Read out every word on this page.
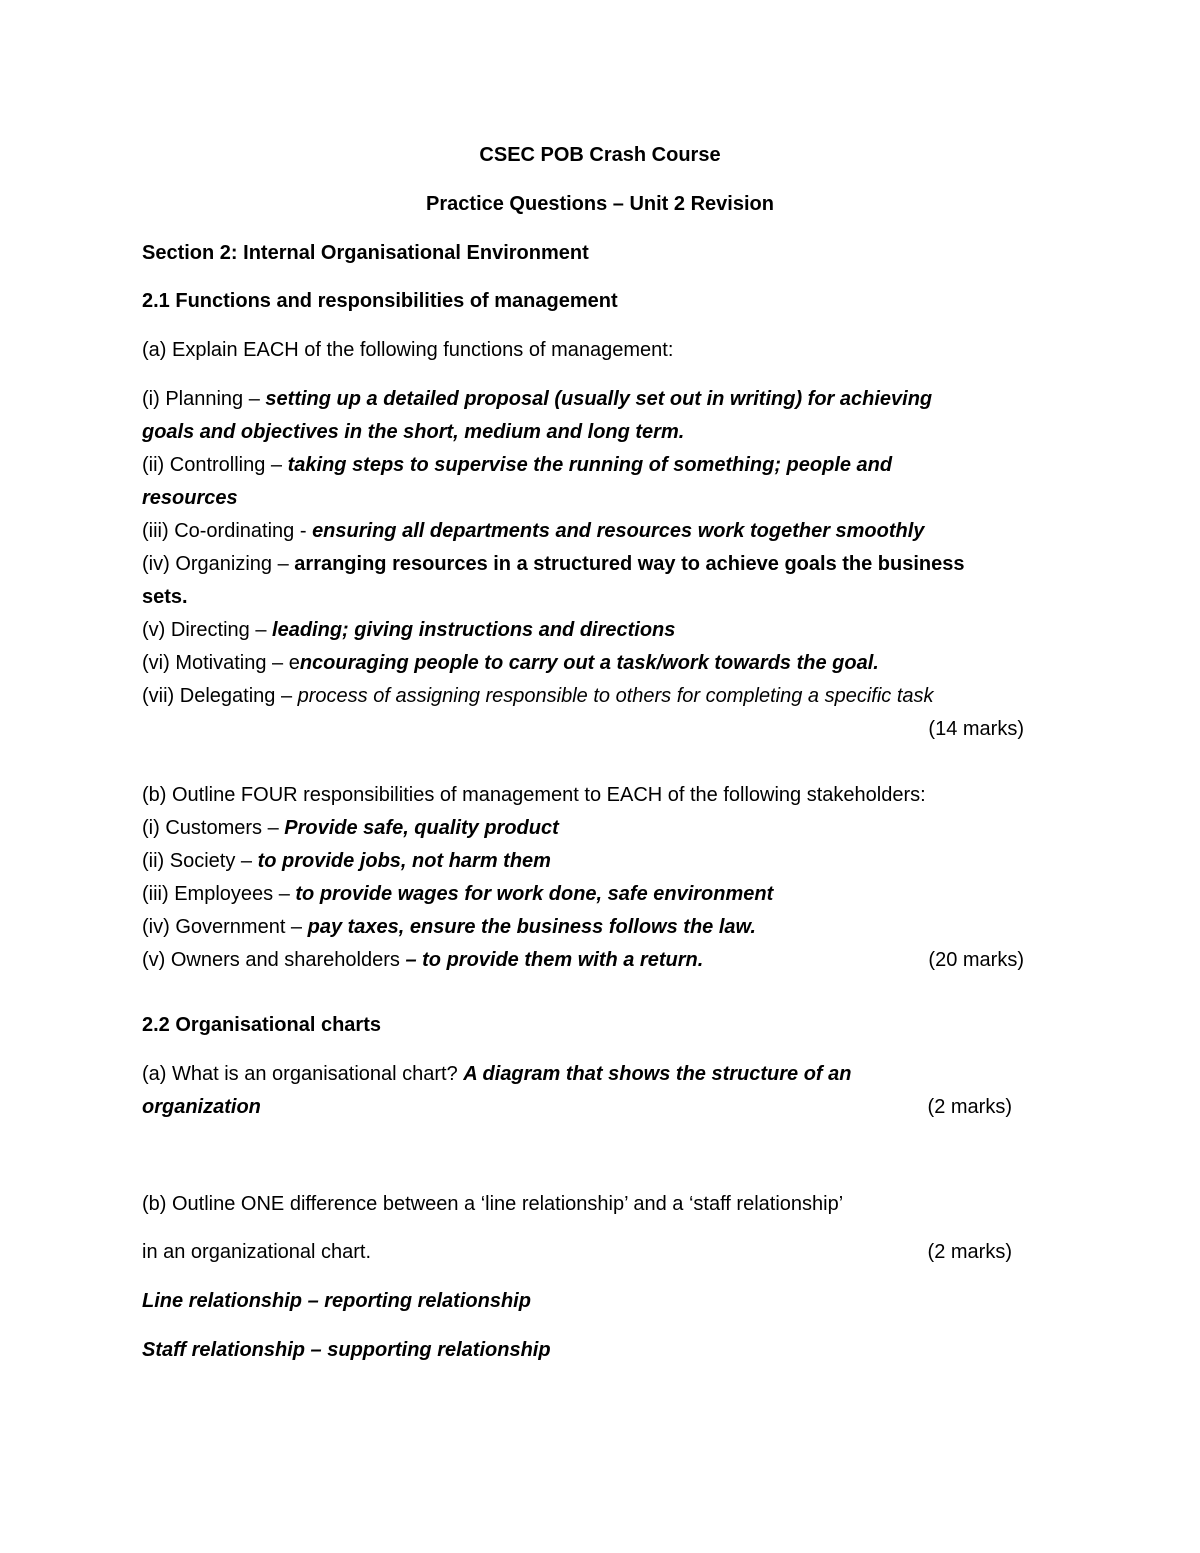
CSEC POB Crash Course
Practice Questions – Unit 2 Revision
Section 2: Internal Organisational Environment
2.1 Functions and responsibilities of management
(a) Explain EACH of the following functions of management:
(i) Planning – setting up a detailed proposal (usually set out in writing) for achieving
goals and objectives in the short, medium and long term.
(ii) Controlling – taking steps to supervise the running of something; people and
resources
(iii) Co-ordinating - ensuring all departments and resources work together smoothly
(iv) Organizing – arranging resources in a structured way to achieve goals the business
sets.
(v) Directing – leading; giving instructions and directions
(vi) Motivating – encouraging people to carry out a task/work towards the goal.
(vii) Delegating – process of assigning responsible to others for completing a specific task
(14 marks)
(b) Outline FOUR responsibilities of management to EACH of the following stakeholders:
(i) Customers – Provide safe, quality product
(ii) Society – to provide jobs, not harm them
(iii) Employees – to provide wages for work done, safe environment
(iv) Government – pay taxes, ensure the business follows the law.
(v) Owners and shareholders – to provide them with a return.	(20 marks)
2.2 Organisational charts
(a) What is an organisational chart? A diagram that shows the structure of an
organization	(2 marks)
(b) Outline ONE difference between a ‘line relationship’ and a ‘staff relationship’
in an organizational chart.	(2 marks)
Line relationship – reporting relationship
Staff relationship – supporting relationship
